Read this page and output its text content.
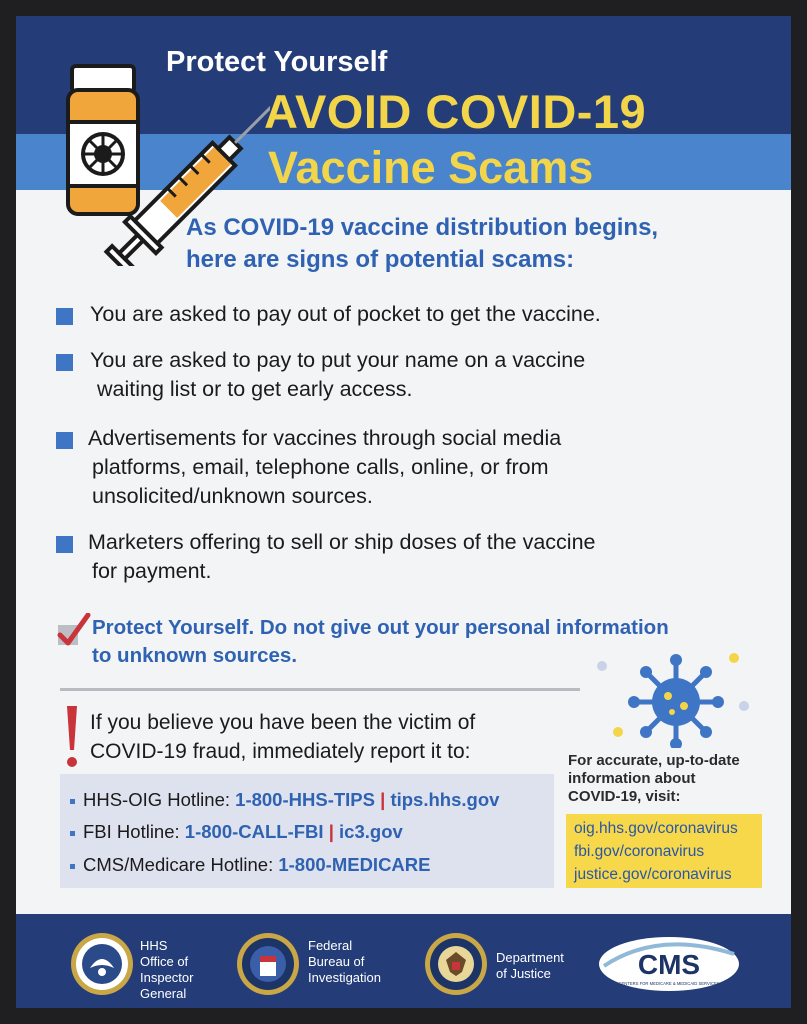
Protect Yourself
AVOID COVID-19
Vaccine Scams
As COVID-19 vaccine distribution begins,
here are signs of potential scams:
You are asked to pay out of pocket to get the vaccine.
You are asked to pay to put your name on a vaccine
waiting list or to get early access.
Advertisements for vaccines through social media
platforms, email, telephone calls, online, or from
unsolicited/unknown sources.
Marketers offering to sell or ship doses of the vaccine
for payment.
Protect Yourself. Do not give out your personal information
to unknown sources.
If you believe you have been the victim of
COVID-19 fraud, immediately report it to:
HHS-OIG Hotline: 1-800-HHS-TIPS | tips.hhs.gov
FBI Hotline: 1-800-CALL-FBI | ic3.gov
CMS/Medicare Hotline: 1-800-MEDICARE
For accurate, up-to-date
information about
COVID-19, visit:
oig.hhs.gov/coronavirus
fbi.gov/coronavirus
justice.gov/coronavirus
HHS
Office of
Inspector
General
Federal
Bureau of
Investigation
Department
of Justice	CMS
CENTERS FOR MEDICARE & MEDICAID SERVICES
